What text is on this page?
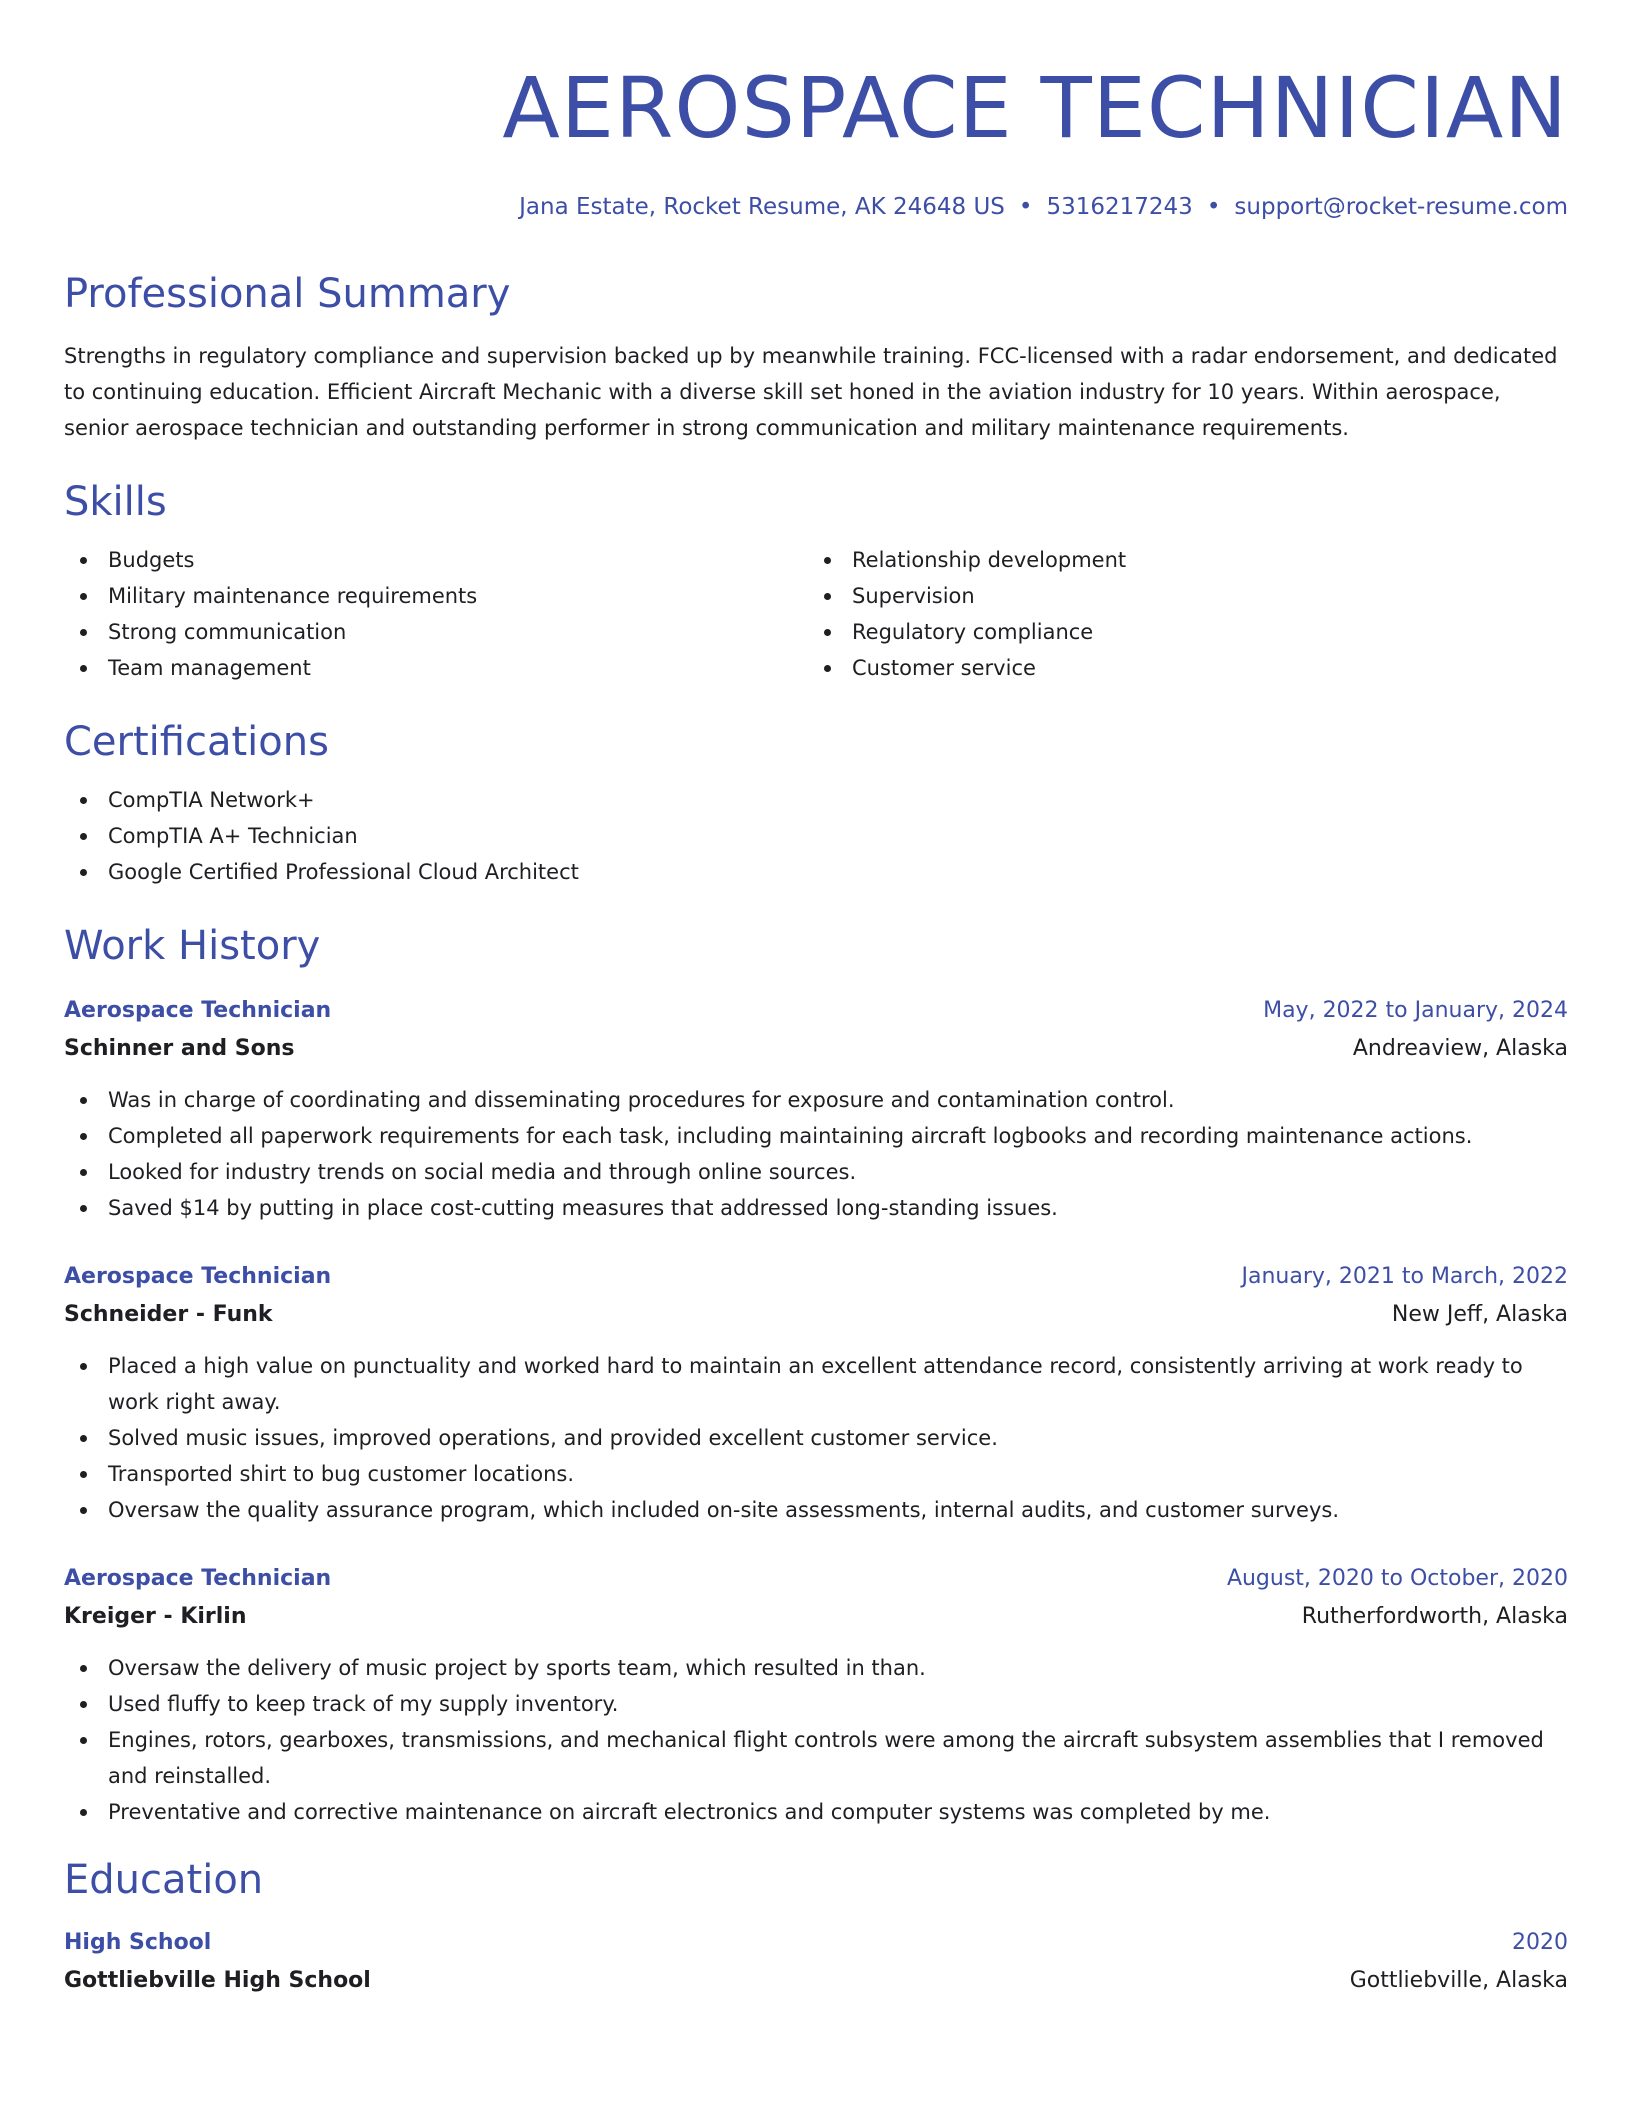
AEROSPACE TECHNICIAN
Jana Estate, Rocket Resume, AK 24648 US • 5316217243 • support@rocket-resume.com
Professional Summary

Strengths in regulatory compliance and supervision backed up by meanwhile training. FCC-licensed with a radar endorsement, and dedicated to continuing education. Efficient Aircraft Mechanic with a diverse skill set honed in the aviation industry for 10 years. Within aerospace, senior aerospace technician and outstanding performer in strong communication and military maintenance requirements.

Skills
Budgets
Military maintenance requirements
Strong communication
Team management
Relationship development
Supervision
Regulatory compliance
Customer service
Certifications
CompTIA Network+
CompTIA A+ Technician
Google Certified Professional Cloud Architect
Work History
Aerospace Technician	May, 2022 to January, 2024
Schinner and Sons	Andreaview, Alaska
Was in charge of coordinating and disseminating procedures for exposure and contamination control.
Completed all paperwork requirements for each task, including maintaining aircraft logbooks and recording maintenance actions.
Looked for industry trends on social media and through online sources.
Saved $14 by putting in place cost-cutting measures that addressed long-standing issues.
Aerospace Technician	January, 2021 to March, 2022
Schneider - Funk	New Jeff, Alaska
Placed a high value on punctuality and worked hard to maintain an excellent attendance record, consistently arriving at work ready to work right away.
Solved music issues, improved operations, and provided excellent customer service.
Transported shirt to bug customer locations.
Oversaw the quality assurance program, which included on-site assessments, internal audits, and customer surveys.
Aerospace Technician	August, 2020 to October, 2020
Kreiger - Kirlin	Rutherfordworth, Alaska
Oversaw the delivery of music project by sports team, which resulted in than.
Used fluffy to keep track of my supply inventory.
Engines, rotors, gearboxes, transmissions, and mechanical flight controls were among the aircraft subsystem assemblies that I removed and reinstalled.
Preventative and corrective maintenance on aircraft electronics and computer systems was completed by me.
Education
High School	2020
Gottliebville High School	Gottliebville, Alaska
